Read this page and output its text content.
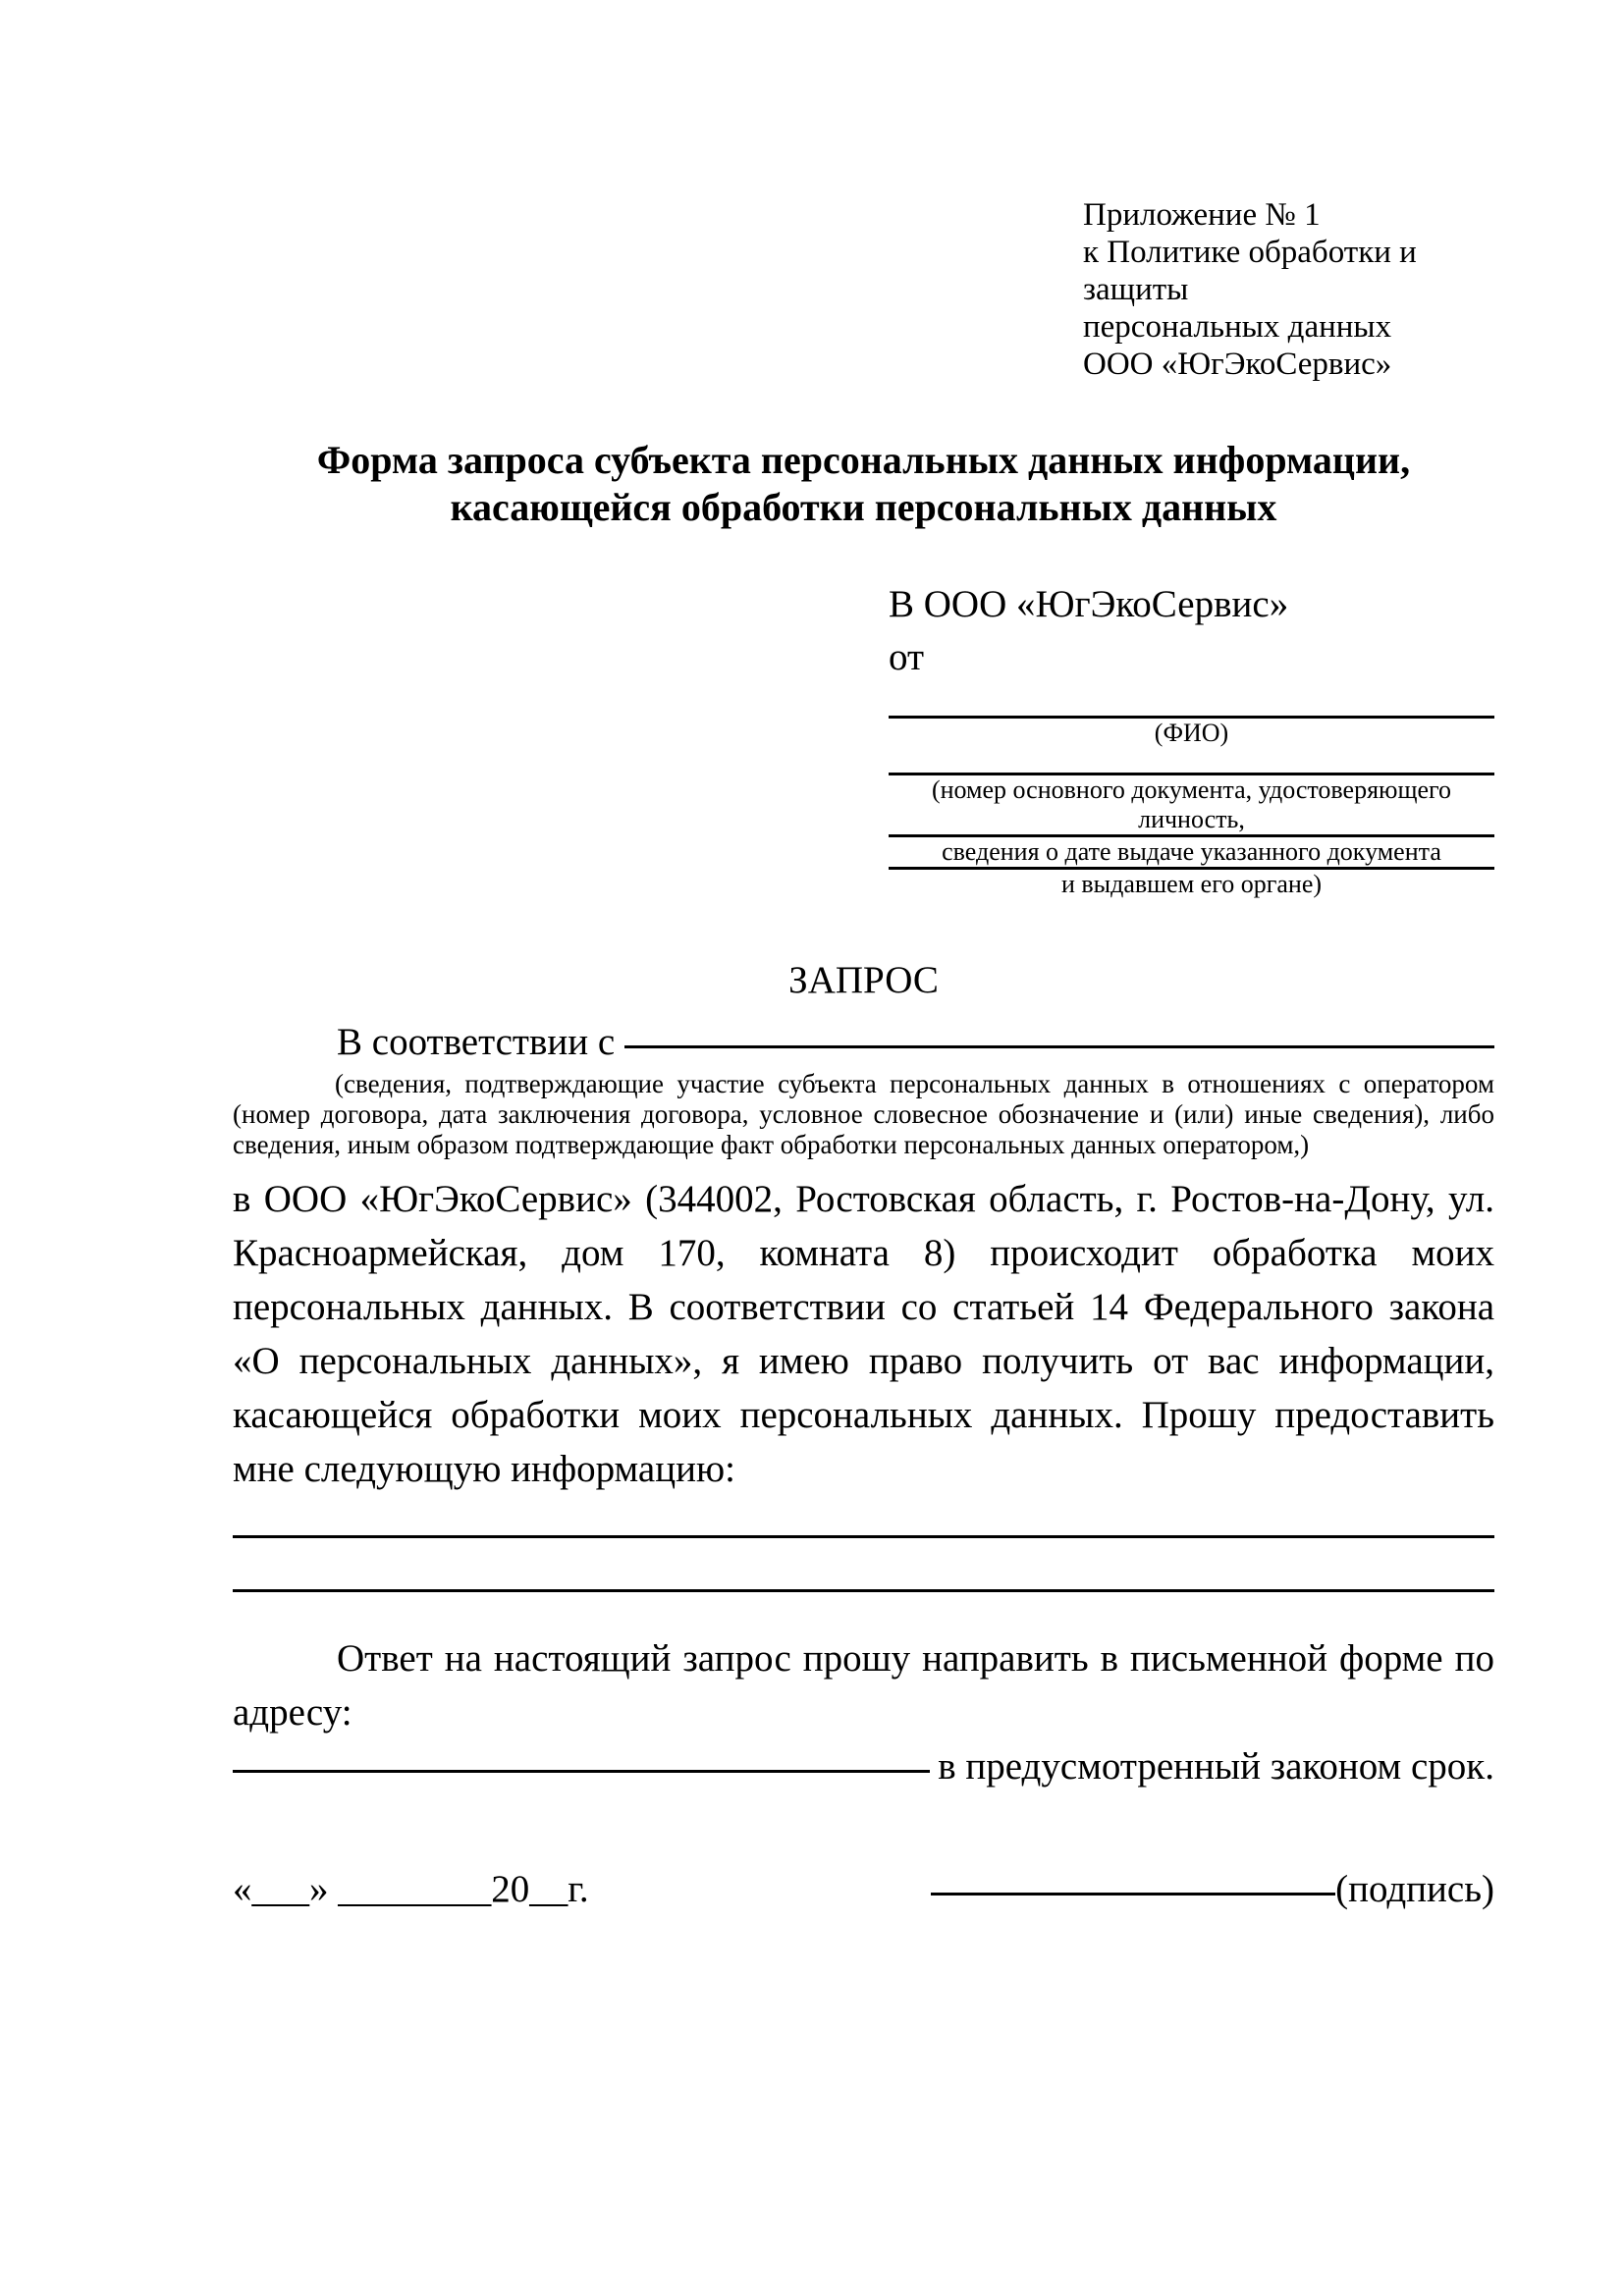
Приложение № 1
к Политике обработки и защиты
персональных данных
ООО «ЮгЭкоСервис»
Форма запроса субъекта персональных данных информации,
касающейся обработки персональных данных
В ООО «ЮгЭкоСервис»
от
(ФИО)
(номер основного документа, удостоверяющего личность,
сведения о дате выдаче указанного документа
и выдавшем его органе)
ЗАПРОС
В соответствии с
(сведения, подтверждающие участие субъекта персональных данных в отношениях с оператором (номер договора, дата заключения договора, условное словесное обозначение и (или) иные сведения), либо сведения, иным образом подтверждающие факт обработки персональных данных оператором,)
в ООО «ЮгЭкоСервис» (344002, Ростовская область, г. Ростов-на-Дону, ул. Красноармейская, дом 170, комната 8) происходит обработка моих персональных данных. В соответствии со статьей 14 Федерального закона «О персональных данных», я имею право получить от вас информации, касающейся обработки моих персональных данных. Прошу предоставить мне следующую информацию:
Ответ на настоящий запрос прошу направить в письменной форме по адресу:
в предусмотренный законом срок.
«___» ________20__г.	(подпись)
